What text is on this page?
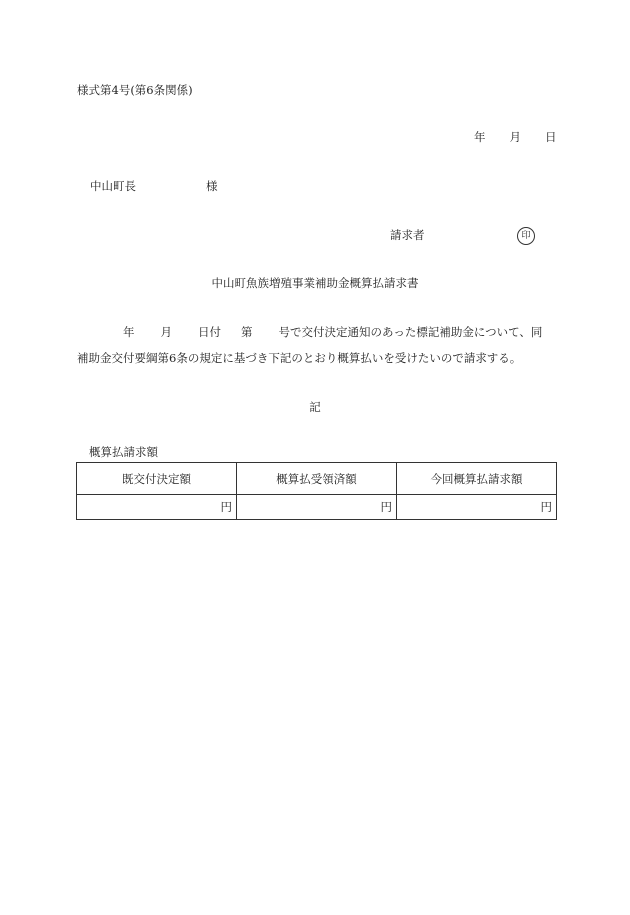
様式第4号(第6条関係)
年 月 日
中山町長	様
請求者	印
中山町魚族増殖事業補助金概算払請求書
年 月 日付 第 号で交付決定通知のあった標記補助金について、同
補助金交付要綱第6条の規定に基づき下記のとおり概算払いを受けたいので請求する。
記
概算払請求額
既交付決定額	概算払受領済額	今回概算払請求額
円	円	円
